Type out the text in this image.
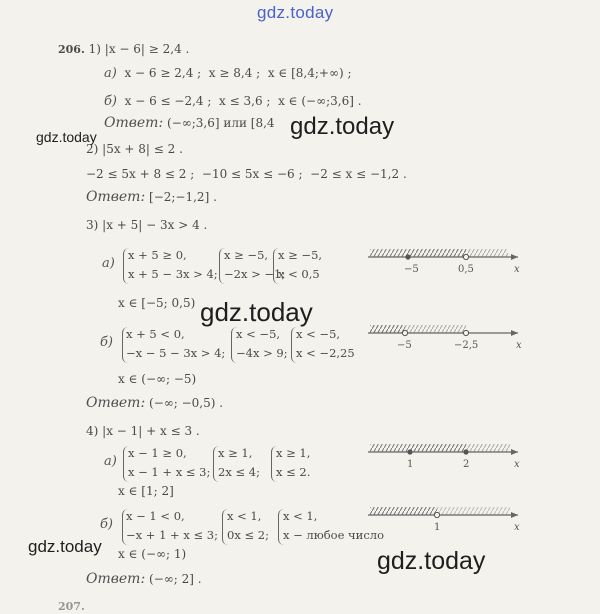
gdz.today
206. 1) |x − 6| ≥ 2,4 .
а) x − 6 ≥ 2,4 ;  x ≥ 8,4 ;  x ∈ [8,4;+∞) ;
б) x − 6 ≤ −2,4 ;  x ≤ 3,6 ;  x ∈ (−∞;3,6] .
Ответ: (−∞;3,6] или [8,4 gdz.today
gdz.today
2) |5x + 8| ≤ 2 .
−2 ≤ 5x + 8 ≤ 2 ;  −10 ≤ 5x ≤ −6 ;  −2 ≤ x ≤ −1,2 .
Ответ: [−2;−1,2] .
3) |x + 5| − 3x > 4 .
а)
x + 5 ≥ 0,
x + 5 − 3x > 4;
x ≥ −5,
−2x > −1;
x ≥ −5,
x < 0,5	−5	0,5	x
x ∈ [−5; 0,5) gdz.today
б)
x + 5 < 0,
−x − 5 − 3x > 4;
x < −5,
−4x > 9;
x < −5,
x < −2,25
−5	−2,5	x
x ∈ (−∞; −5)
Ответ: (−∞; −0,5) .
4) |x − 1| + x ≤ 3 .
а)
x − 1 ≥ 0,
x − 1 + x ≤ 3;
x ≥ 1,
2x ≤ 4;
x ≥ 1,
x ≤ 2.
1	2	x
x ∈ [1; 2]
б)
x − 1 < 0,
−x + 1 + x ≤ 3;
x < 1,
0x ≤ 2;
x < 1,
x − любое число
1	x
gdz.today x ∈ (−∞; 1)	gdz.today
Ответ: (−∞; 2] .
207.
